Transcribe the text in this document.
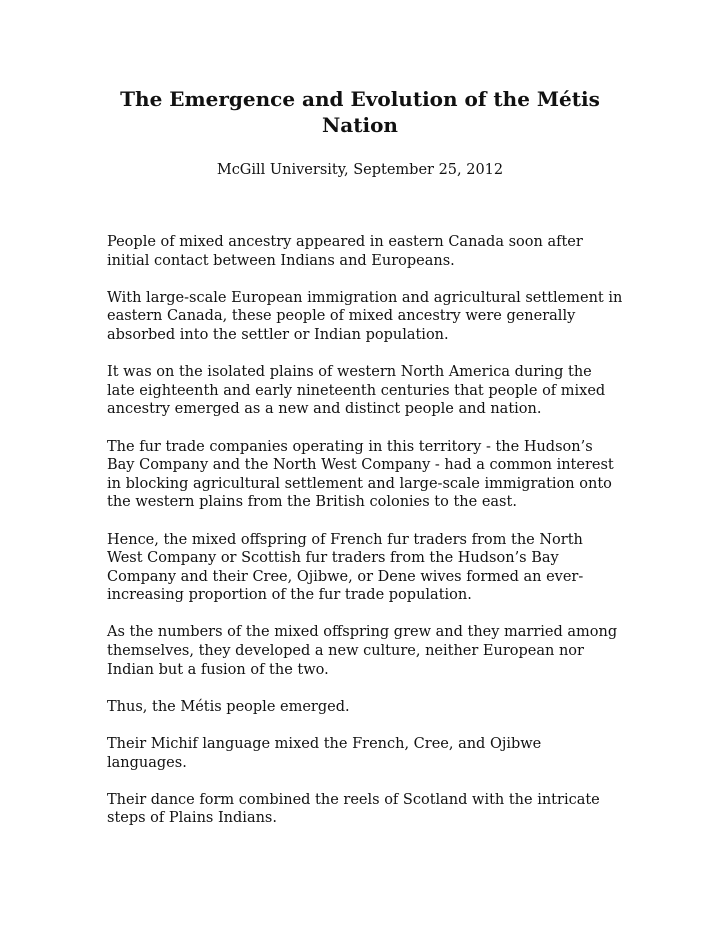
The Emergence and Evolution of the Métis Nation
McGill University, September 25, 2012

People of mixed ancestry appeared in eastern Canada soon after initial contact between Indians and Europeans.

With large-scale European immigration and agricultural settlement in eastern Canada, these people of mixed ancestry were generally absorbed into the settler or Indian population.

It was on the isolated plains of western North America during the late eighteenth and early nineteenth centuries that people of mixed ancestry emerged as a new and distinct people and nation.

The fur trade companies operating in this territory - the Hudson’s Bay Company and the North West Company - had a common interest in blocking agricultural settlement and large-scale immigration onto the western plains from the British colonies to the east.

Hence, the mixed offspring of French fur traders from the North West Company or Scottish fur traders from the Hudson’s Bay Company and their Cree, Ojibwe, or Dene wives formed an ever-increasing proportion of the fur trade population.

As the numbers of the mixed offspring grew and they married among themselves, they developed a new culture, neither European nor Indian but a fusion of the two.

Thus, the Métis people emerged.

Their Michif language mixed the French, Cree, and Ojibwe languages.

Their dance form combined the reels of Scotland with the intricate steps of Plains Indians.
